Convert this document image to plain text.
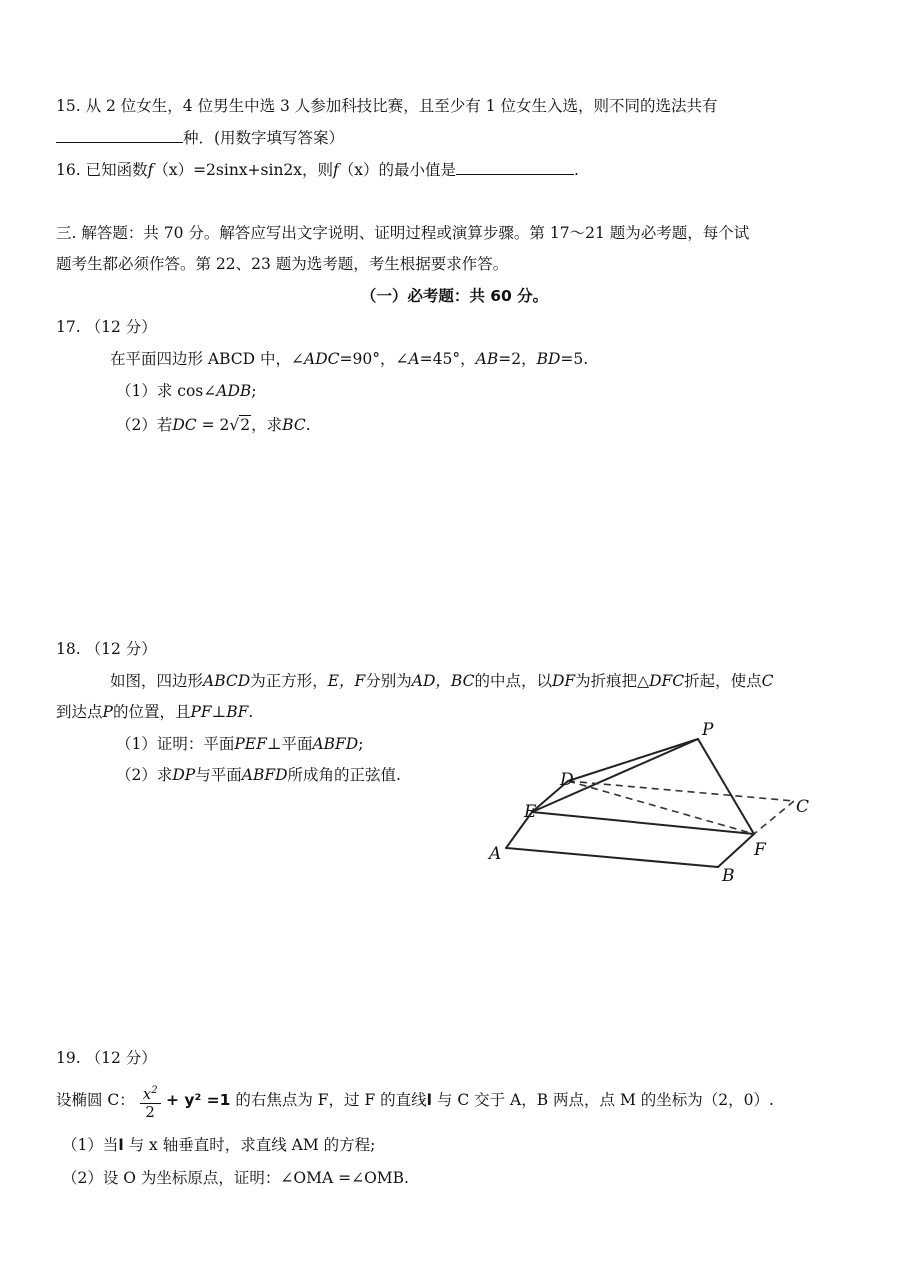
15. 从 2 位女生，4 位男生中选 3 人参加科技比赛，且至少有 1 位女生入选，则不同的选法共有
种．(用数字填写答案）
16. 已知函数f（x）=2sinx+sin2x，则f（x）的最小值是	.
三. 解答题：共 70 分。解答应写出文字说明、证明过程或演算步骤。第 17～21 题为必考题，每个试
题考生都必须作答。第 22、23 题为选考题，考生根据要求作答。
（一）必考题：共 60 分。
17. （12 分）
在平面四边形 ABCD 中，∠ADC=90°，∠A=45°，AB=2，BD=5.
（1）求 cos∠ADB;
（2）若DC = 2√2，求BC.
18. （12 分）
如图，四边形ABCD为正方形，E，F分别为AD，BC的中点，以DF为折痕把△DFC折起，使点C
到达点P的位置，且PF⊥BF.
（1）证明：平面PEF⊥平面ABFD;
（2）求DP与平面ABFD所成角的正弦值.
P
D
C
E
A	F
B
19. （12 分）
设椭圆 C： $\frac{x^2}{2} + y^2 =1$ 的右焦点为 F，过 F 的直线l 与 C 交于 A，B 两点，点 M 的坐标为（2，0）.
（1）当l 与 x 轴垂直时，求直线 AM 的方程;
（2）设 O 为坐标原点，证明：∠OMA =∠OMB.
